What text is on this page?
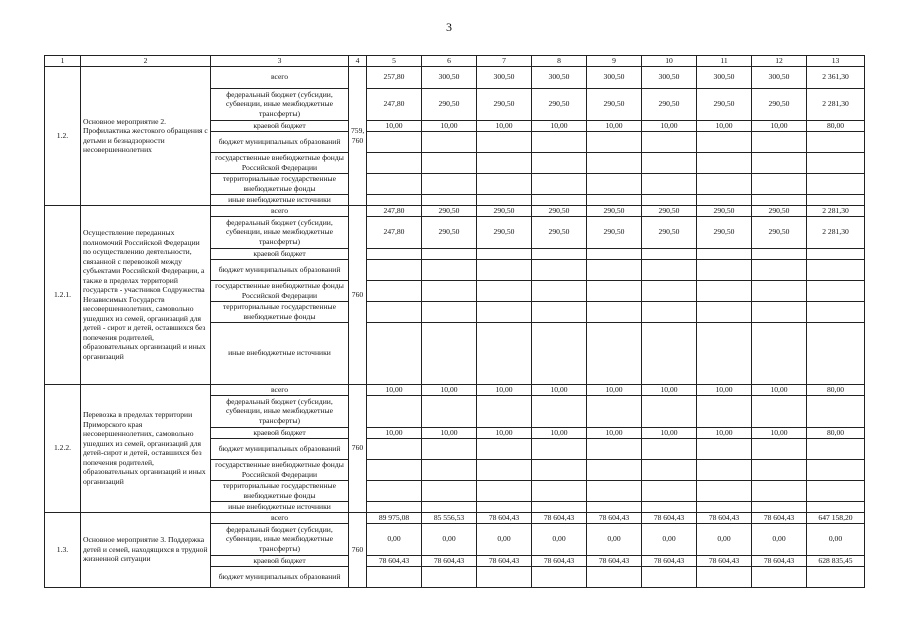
3
1	2	3	4	5	6	7	8	9	10	11	12	13
1.2.	Основное мероприятие 2. Профилактика жестокого обращения с детьми и безнадзорности несовершеннолетних	всего	759, 760	257,80	300,50	300,50	300,50	300,50	300,50	300,50	300,50	2 361,30
		федеральный бюджет (субсидии, субвенции, иные межбюджетные трансферты)		247,80	290,50	290,50	290,50	290,50	290,50	290,50	290,50	2 281,30
		краевой бюджет		10,00	10,00	10,00	10,00	10,00	10,00	10,00	10,00	80,00
		бюджет муниципальных образований										
		государственные внебюджетные фонды Российской Федерации										
		территориальные государственные внебюджетные фонды										
		иные внебюджетные источники										
1.2.1.	Осуществление переданных полномочий Российской Федерации по осуществлению деятельности, связанной с перевозкой между субъектами Российской Федерации, а также в пределах территорий государств - участников Содружества Независимых Государств несовершеннолетних, самовольно ушедших из семей, организаций для детей - сирот и детей, оставшихся без попечения родителей, образовательных организаций и иных организаций	всего	760	247,80	290,50	290,50	290,50	290,50	290,50	290,50	290,50	2 281,30
		федеральный бюджет (субсидии, субвенции, иные межбюджетные трансферты)		247,80	290,50	290,50	290,50	290,50	290,50	290,50	290,50	2 281,30
		краевой бюджет										
		бюджет муниципальных образований										
		государственные внебюджетные фонды Российской Федерации										
		территориальные государственные внебюджетные фонды										
		иные внебюджетные источники										
1.2.2.	Перевозка в пределах территории Приморского края несовершеннолетних, самовольно ушедших из семей, организаций для детей-сирот и детей, оставшихся без попечения родителей, образовательных организаций и иных организаций	всего	760	10,00	10,00	10,00	10,00	10,00	10,00	10,00	10,00	80,00
		федеральный бюджет (субсидии, субвенции, иные межбюджетные трансферты)										
		краевой бюджет		10,00	10,00	10,00	10,00	10,00	10,00	10,00	10,00	80,00
		бюджет муниципальных образований										
		государственные внебюджетные фонды Российской Федерации										
		территориальные государственные внебюджетные фонды										
		иные внебюджетные источники										
1.3.	Основное мероприятие 3. Поддержка детей и семей, находящихся в трудной жизненной ситуации	всего	760	89 975,08	85 556,53	78 604,43	78 604,43	78 604,43	78 604,43	78 604,43	78 604,43	647 158,20
		федеральный бюджет (субсидии, субвенции, иные межбюджетные трансферты)		0,00	0,00	0,00	0,00	0,00	0,00	0,00	0,00	0,00
		краевой бюджет		78 604,43	78 604,43	78 604,43	78 604,43	78 604,43	78 604,43	78 604,43	78 604,43	628 835,45
		бюджет муниципальных образований										
